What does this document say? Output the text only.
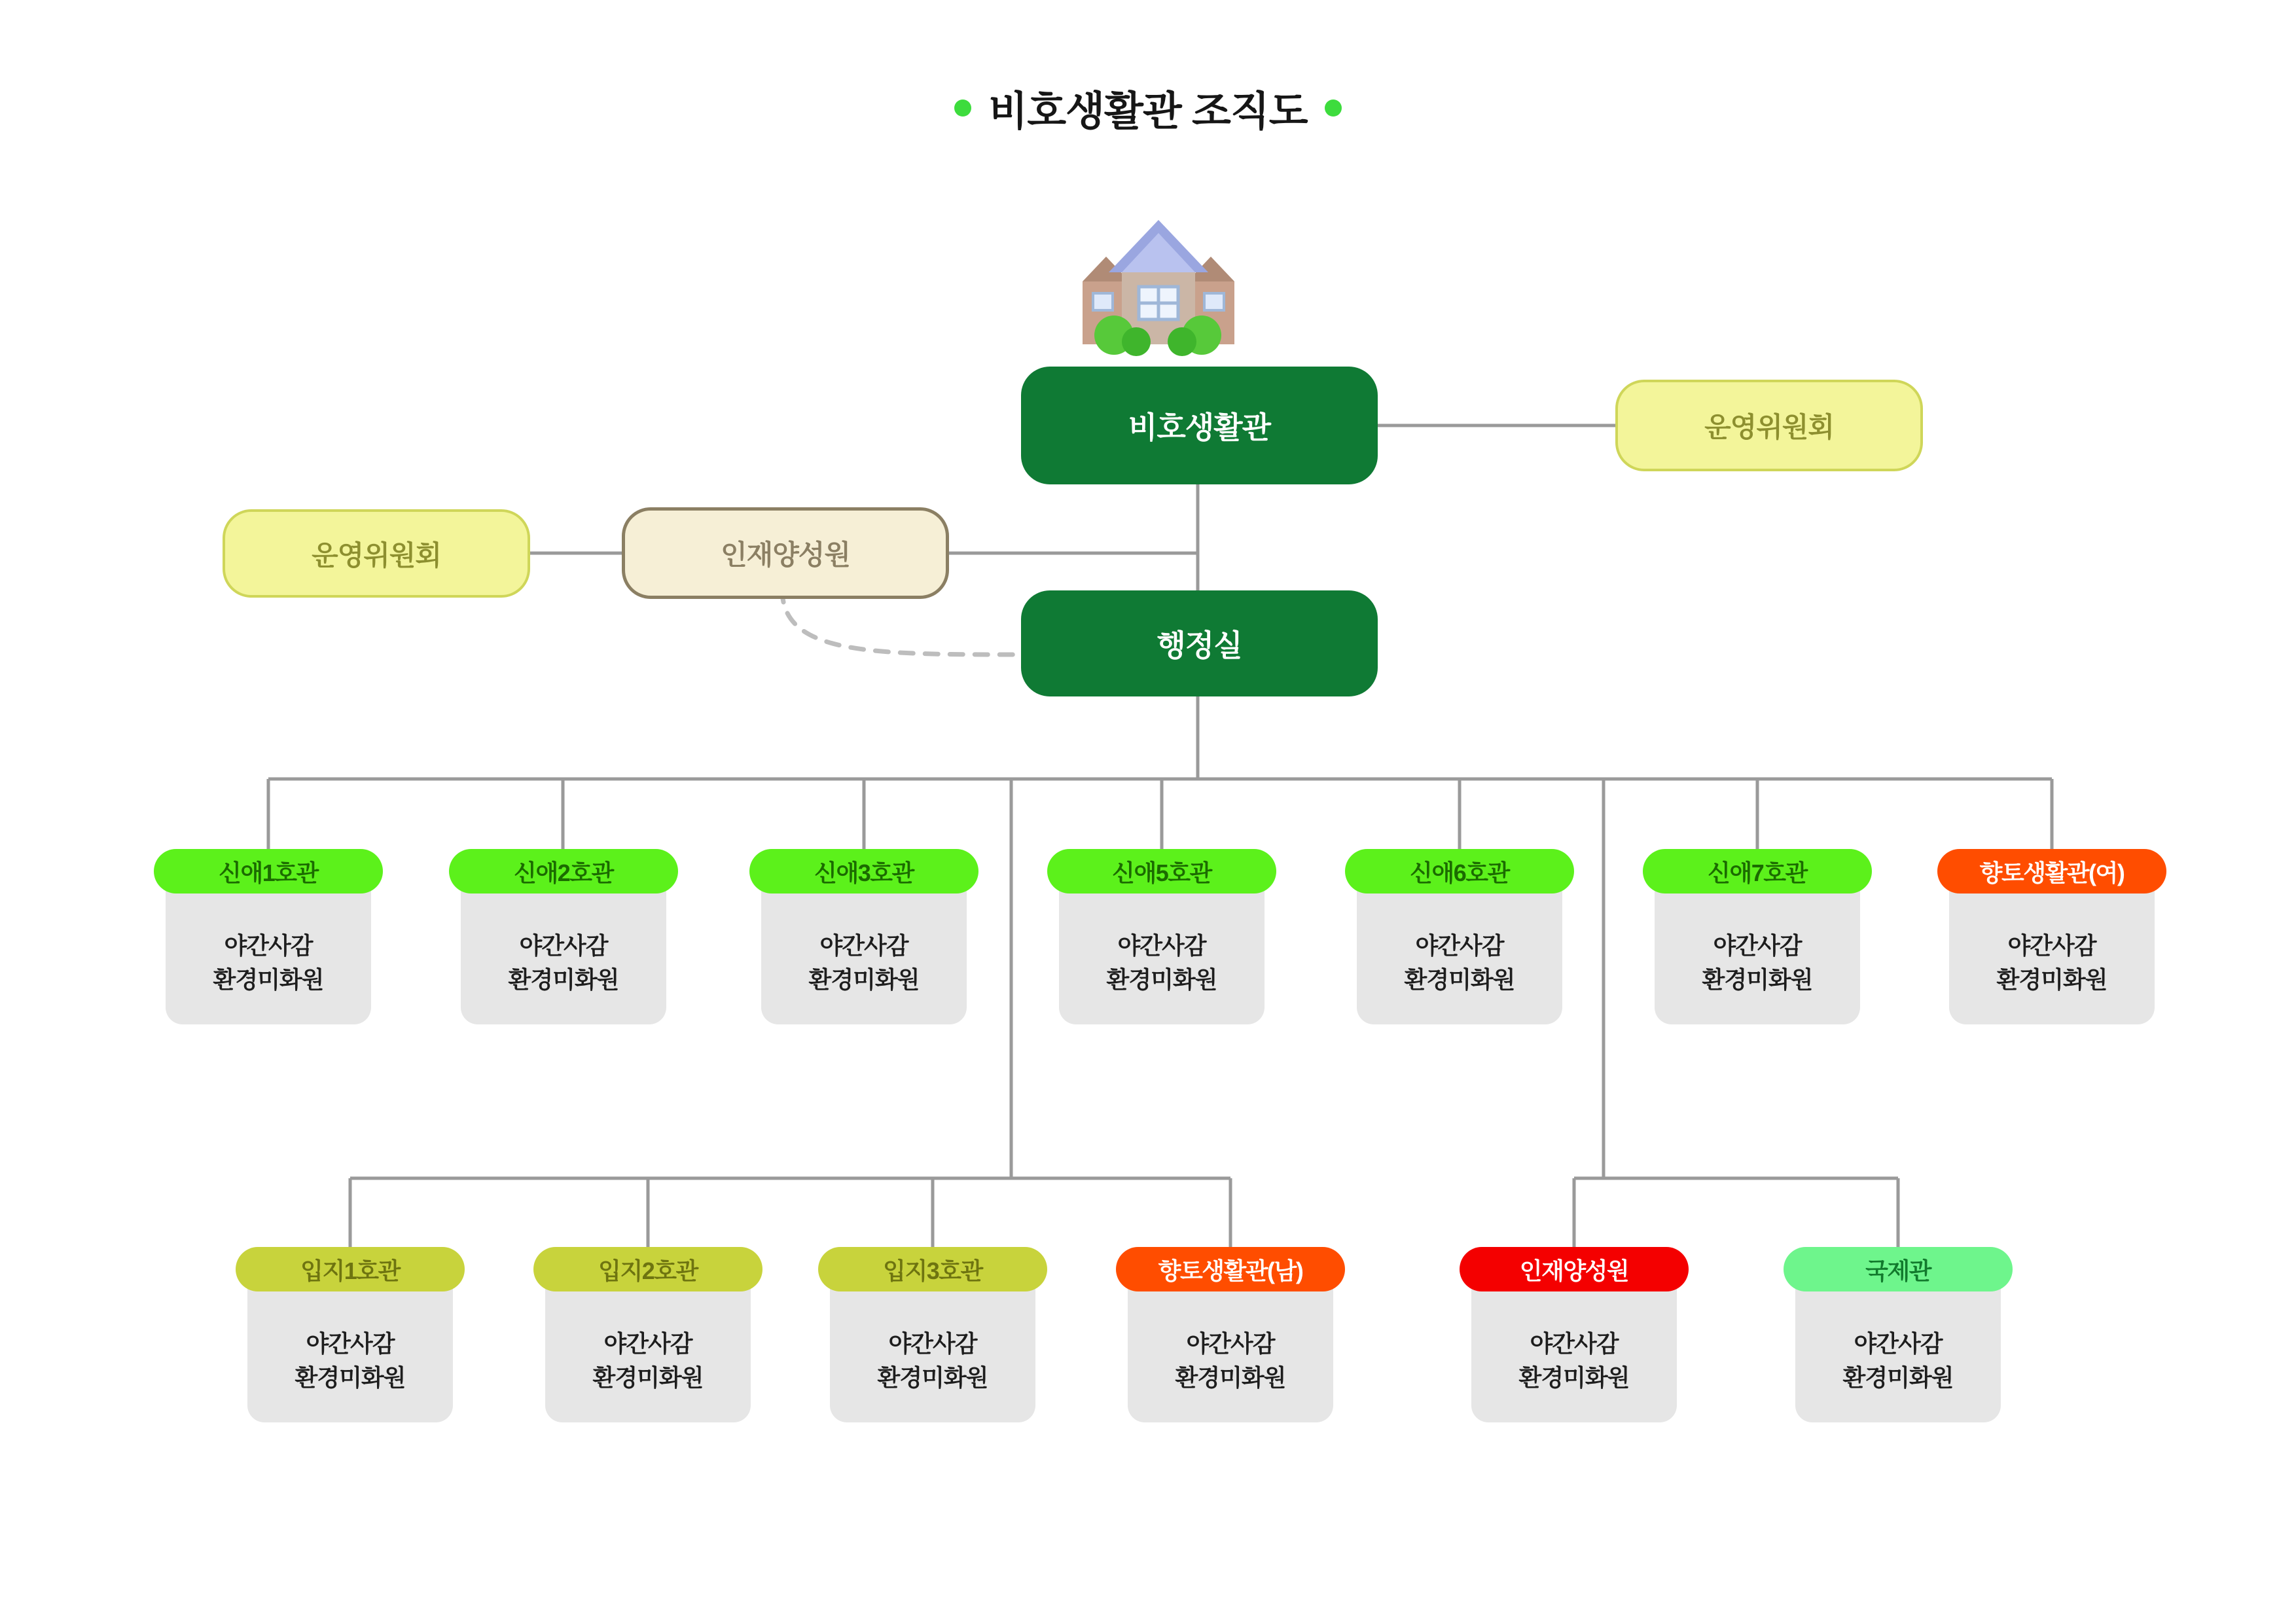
비호생활관 조직도
비호생활관	운영위원회
운영위원회	인재양성원
행정실
야간사감
환경미화원
신애1호관
야간사감
환경미화원
신애2호관
야간사감
환경미화원
신애3호관
야간사감
환경미화원
신애5호관
야간사감
환경미화원
신애6호관
야간사감
환경미화원
신애7호관
야간사감
환경미화원
향토생활관(여)
야간사감
환경미화원
입지1호관
야간사감
환경미화원
입지2호관
야간사감
환경미화원
입지3호관
야간사감
환경미화원
향토생활관(남)
야간사감
환경미화원
인재양성원
야간사감
환경미화원
국제관
